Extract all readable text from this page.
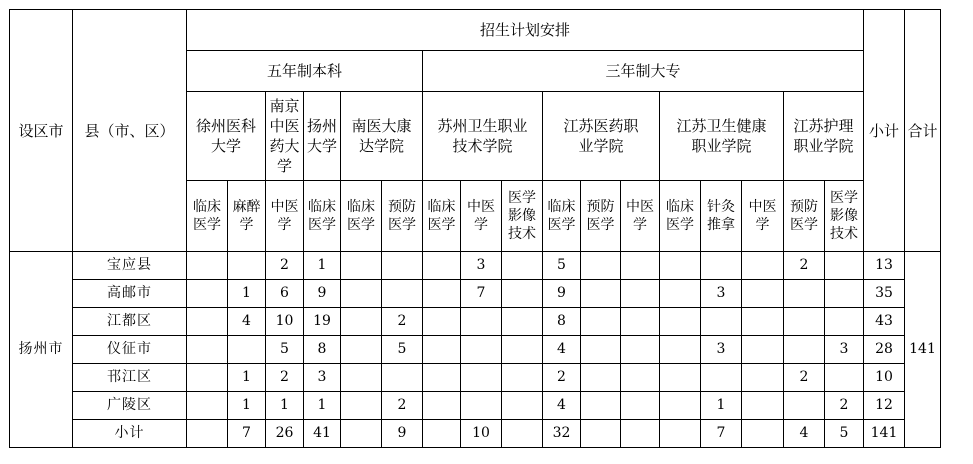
设区市	县（市、区）	招生计划安排																	小计	合计
		五年制本科						三年制大专												
		徐州医科大学		南京中医药大学	扬州大学	南医大康达学院		苏州卫生职业技术学院			江苏医药职业学院			江苏卫生健康职业学院			江苏护理职业学院			
		临床医学	麻醉学	中医学	临床医学	临床医学	预防医学	临床医学	中医学	医学影像技术	临床医学	预防医学	中医学	临床医学	针灸推拿	中医学	预防医学	医学影像技术		
扬州市	宝应县			2	1				3		5						2		13	141
	高邮市		1	6	9				7		9				3				35	
	江都区		4	10	19		2				8								43	
	仪征市			5	8		5				4				3			3	28	
	邗江区		1	2	3						2						2		10	
	广陵区		1	1	1		2				4				1			2	12	
	小计		7	26	41		9		10		32				7		4	5	141	
